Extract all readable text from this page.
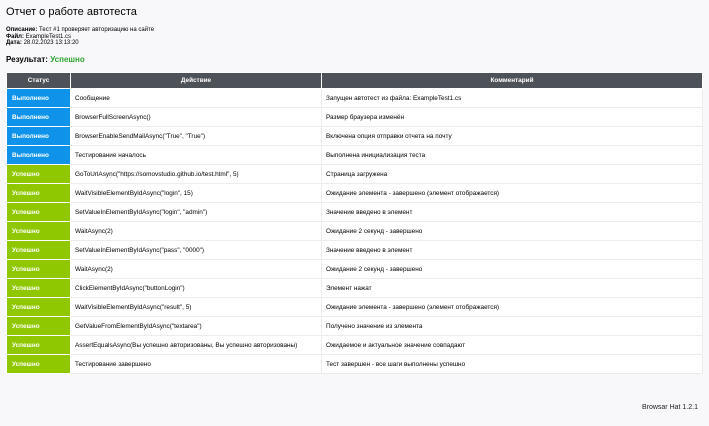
Отчет о работе автотеста
Описание: Тест #1 проверяет авторизацию на сайте
Файл: ExampleTest1.cs
Дата: 28.02.2023 13:13:20
Результат: Успешно
Статус	Действие	Комментарий
Выполнено	Сообщение	Запущен автотест из файла: ExampleTest1.cs
Выполнено	BrowserFullScreenAsync()	Размер браузера изменён
Выполнено	BrowserEnableSendMailAsync("True", "True")	Включена опция отправки отчета на почту
Выполнено	Тестирование началось	Выполнена инициализация теста
Успешно	GoToUrlAsync("https://somovstudio.github.io/test.html", 5)	Страница загружена
Успешно	WaitVisibleElementByIdAsync("login", 15)	Ожидание элемента - завершено (элемент отображается)
Успешно	SetValueInElementByIdAsync("login", "admin")	Значение введено в элемент
Успешно	WaitAsync(2)	Ожидание 2 секунд - завершено
Успешно	SetValueInElementByIdAsync("pass", "0000")	Значение введено в элемент
Успешно	WaitAsync(2)	Ожидание 2 секунд - завершено
Успешно	ClickElementByIdAsync("buttonLogin")	Элемент нажат
Успешно	WaitVisibleElementByIdAsync("result", 5)	Ожидание элемента - завершено (элемент отображается)
Успешно	GetValueFromElementByIdAsync("textarea")	Получено значение из элемента
Успешно	AssertEqualsAsync(Вы успешно авторизованы, Вы успешно авторизованы)	Ожидаемое и актуальное значение совпадают
Успешно	Тестирование завершено	Тест завершен - все шаги выполнены успешно
Browsar Hat 1.2.1
